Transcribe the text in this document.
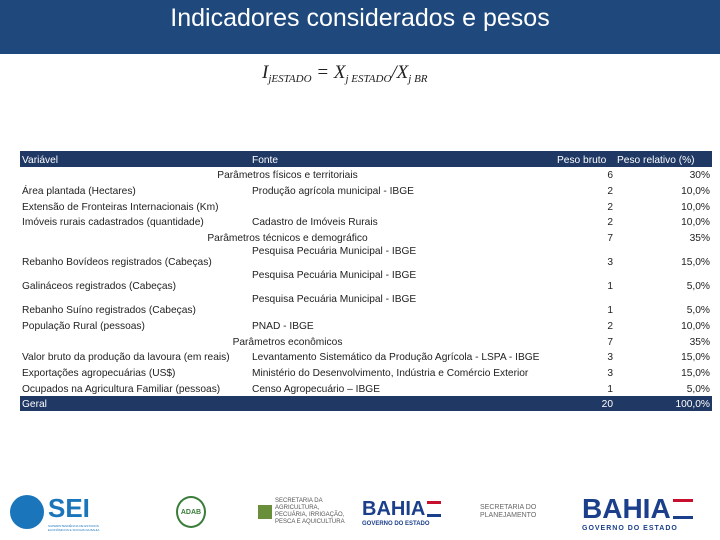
Indicadores considerados e pesos
$I_{jESTADO} = X_{j ESTADO}/X_{j BR}$
Variável	Fonte	Peso bruto	Peso relativo (%)
Parâmetros físicos e territoriais		6	30%
Área plantada (Hectares)	Produção agrícola municipal - IBGE	2	10,0%
Extensão de Fronteiras Internacionais (Km)		2	10,0%
Imóveis rurais cadastrados (quantidade)	Cadastro de Imóveis Rurais	2	10,0%
Parâmetros técnicos e demográfico		7	35%
Rebanho Bovídeos registrados (Cabeças)	Pesquisa Pecuária Municipal - IBGE	3	15,0%
Galináceos registrados (Cabeças)	Pesquisa Pecuária Municipal - IBGE	1	5,0%
Rebanho Suíno registrados (Cabeças)	Pesquisa Pecuária Municipal - IBGE	1	5,0%
População Rural (pessoas)	PNAD - IBGE	2	10,0%
Parâmetros econômicos		7	35%
Valor bruto da produção da lavoura (em reais)	Levantamento Sistemático da Produção Agrícola - LSPA - IBGE	3	15,0%
Exportações agropecuárias (US$)	Ministério do Desenvolvimento, Indústria e Comércio Exterior	3	15,0%
Ocupados na Agricultura Familiar (pessoas)	Censo Agropecuário – IBGE	1	5,0%
Geral		20	100,0%
SEI
SUPERINTENDÊNCIA DE ESTUDOS ECONÔMICOS E SOCIAIS DA BAHIA
ADAB
SECRETARIA DA AGRICULTURA, PECUÁRIA, IRRIGAÇÃO, PESCA E AQUICULTURA
BAHIA
GOVERNO DO ESTADO
SECRETARIA DO PLANEJAMENTO	BAHIA
GOVERNO DO ESTADO
